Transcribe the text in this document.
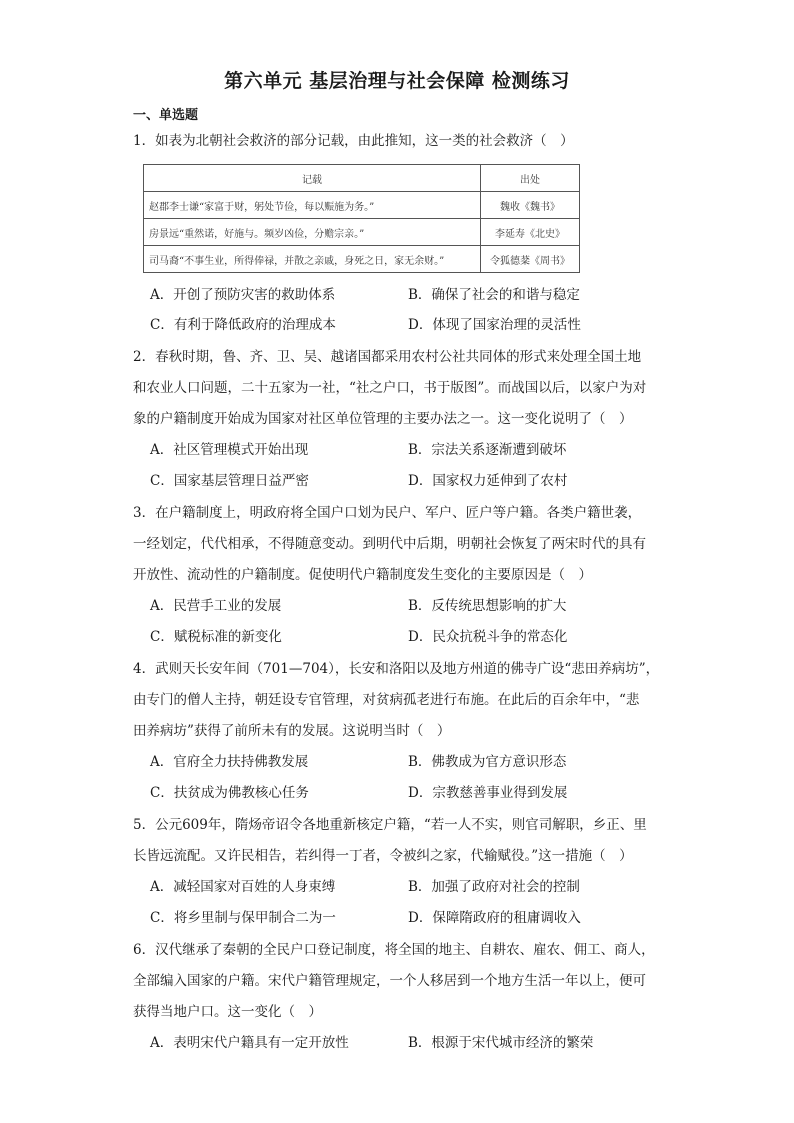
第六单元 基层治理与社会保障 检测练习
一、单选题
1．如表为北朝社会救济的部分记载，由此推知，这一类的社会救济（　）
记载	出处
赵郡李士谦“家富于财，躬处节俭，每以赈施为务。”	魏收《魏书》
房景远“重然诺，好施与。频岁凶俭，分赡宗亲。”	李延寿《北史》
司马裔“不事生业，所得俸禄，并散之亲戚，身死之日，家无余财。”	令狐德棻《周书》
A．开创了预防灾害的救助体系	B．确保了社会的和谐与稳定
C．有利于降低政府的治理成本	D．体现了国家治理的灵活性
2．春秋时期，鲁、齐、卫、吴、越诸国都采用农村公社共同体的形式来处理全国土地
和农业人口问题，二十五家为一社，“社之户口，书于版图”。而战国以后，以家户为对
象的户籍制度开始成为国家对社区单位管理的主要办法之一。这一变化说明了（　）
A．社区管理模式开始出现	B．宗法关系逐渐遭到破坏
C．国家基层管理日益严密	D．国家权力延伸到了农村
3．在户籍制度上，明政府将全国户口划为民户、军户、匠户等户籍。各类户籍世袭，
一经划定，代代相承，不得随意变动。到明代中后期，明朝社会恢复了两宋时代的具有
开放性、流动性的户籍制度。促使明代户籍制度发生变化的主要原因是（　）
A．民营手工业的发展	B．反传统思想影响的扩大
C．赋税标准的新变化	D．民众抗税斗争的常态化
4．武则天长安年间（701—704），长安和洛阳以及地方州道的佛寺广设“悲田养病坊”，
由专门的僧人主持，朝廷设专官管理，对贫病孤老进行布施。在此后的百余年中，“悲
田养病坊”获得了前所未有的发展。这说明当时（　）
A．官府全力扶持佛教发展	B．佛教成为官方意识形态
C．扶贫成为佛教核心任务	D．宗教慈善事业得到发展
5．公元609年，隋炀帝诏令各地重新核定户籍，“若一人不实，则官司解职，乡正、里
长皆远流配。又许民相告，若纠得一丁者，令被纠之家，代输赋役。”这一措施（　）
A．减轻国家对百姓的人身束缚	B．加强了政府对社会的控制
C．将乡里制与保甲制合二为一	D．保障隋政府的租庸调收入
6．汉代继承了秦朝的全民户口登记制度，将全国的地主、自耕农、雇农、佣工、商人，
全部编入国家的户籍。宋代户籍管理规定，一个人移居到一个地方生活一年以上，便可
获得当地户口。这一变化（　）
A．表明宋代户籍具有一定开放性	B．根源于宋代城市经济的繁荣
